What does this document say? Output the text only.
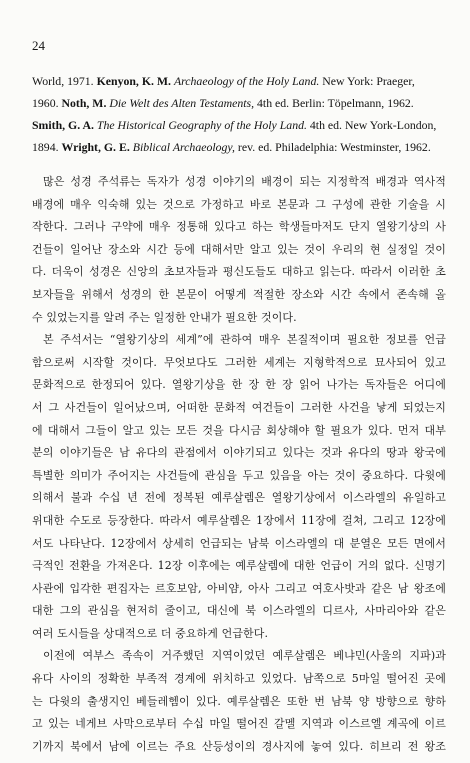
24
World, 1971. Kenyon, K. M. Archaeology of the Holy Land. New York: Praeger,
1960. Noth, M. Die Welt des Alten Testaments, 4th ed. Berlin: Töpelmann, 1962.
Smith, G. A. The Historical Geography of the Holy Land. 4th ed. New York-London,
1894. Wright, G. E. Biblical Archaeology, rev. ed. Philadelphia: Westminster, 1962.
많은 성경 주석류는 독자가 성경 이야기의 배경이 되는 지정학적 배경과 역사적
배경에 매우 익숙해 있는 것으로 가정하고 바로 본문과 그 구성에 관한 기술을 시
작한다. 그러나 구약에 매우 정통해 있다고 하는 학생들마저도 단지 열왕기상의 사
건들이 일어난 장소와 시간 등에 대해서만 알고 있는 것이 우리의 현 실정일 것이
다. 더욱이 성경은 신앙의 초보자들과 평신도들도 대하고 읽는다. 따라서 이러한 초
보자들을 위해서 성경의 한 본문이 어떻게 적절한 장소와 시간 속에서 존속해 올
수 있었는지를 알려 주는 일정한 안내가 필요한 것이다.
본 주석서는 “열왕기상의 세계”에 관하여 매우 본질적이며 필요한 정보를 언급
함으로써 시작할 것이다. 무엇보다도 그러한 세계는 지형학적으로 묘사되어 있고
문화적으로 한정되어 있다. 열왕기상을 한 장 한 장 읽어 나가는 독자들은 어디에
서 그 사건들이 일어났으며, 어떠한 문화적 여건들이 그러한 사건을 낳게 되었는지
에 대해서 그들이 알고 있는 모든 것을 다시금 회상해야 할 필요가 있다. 먼저 대부
분의 이야기들은 남 유다의 관점에서 이야기되고 있다는 것과 유다의 땅과 왕국에
특별한 의미가 주어지는 사건들에 관심을 두고 있음을 아는 것이 중요하다. 다윗에
의해서 불과 수십 년 전에 정복된 예루살렘은 열왕기상에서 이스라엘의 유일하고
위대한 수도로 등장한다. 따라서 예루살렘은 1장에서 11장에 걸쳐, 그리고 12장에
서도 나타난다. 12장에서 상세히 언급되는 남북 이스라엘의 대 분열은 모든 면에서
극적인 전환을 가져온다. 12장 이후에는 예루살렘에 대한 언급이 거의 없다. 신명기
사관에 입각한 편집자는 르호보암, 아비얌, 아사 그리고 여호사밧과 같은 남 왕조에
대한 그의 관심을 현저히 줄이고, 대신에 북 이스라엘의 디르사, 사마리아와 같은
여러 도시들을 상대적으로 더 중요하게 언급한다.
이전에 여부스 족속이 거주했던 지역이었던 예루살렘은 베냐민(사울의 지파)과
유다 사이의 정확한 부족적 경계에 위치하고 있었다. 남쪽으로 5마일 떨어진 곳에
는 다윗의 출생지인 베들레헴이 있다. 예루살렘은 또한 번 남북 양 방향으로 향하
고 있는 네게브 사막으로부터 수십 마일 떨어진 갈멜 지역과 이스르엘 계곡에 이르
기까지 북에서 남에 이르는 주요 산등성이의 경사지에 놓여 있다. 히브리 전 왕조
